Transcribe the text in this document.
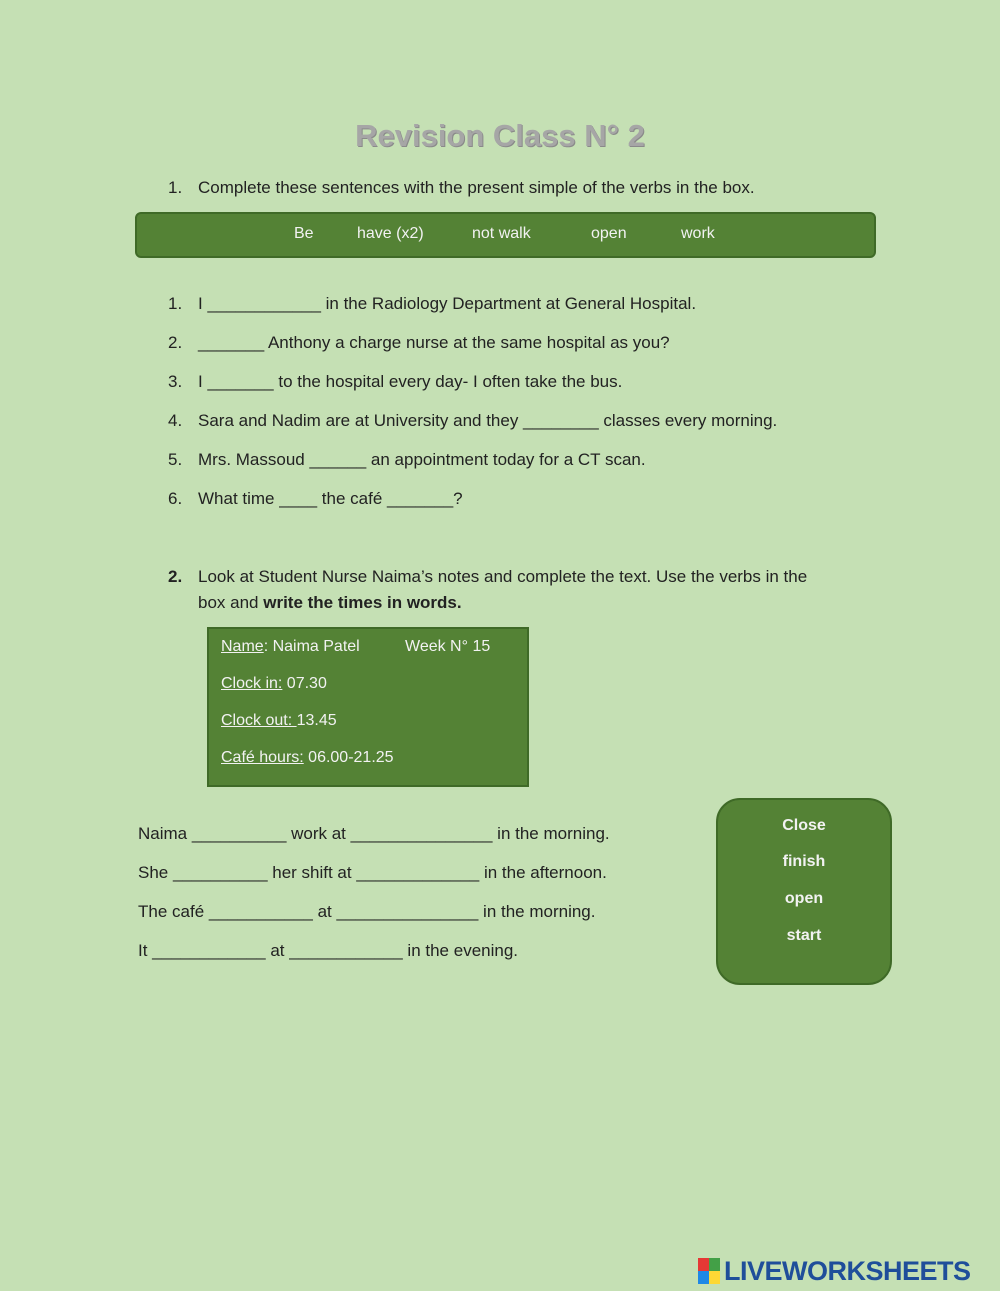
Revision Class N° 2
1. Complete these sentences with the present simple of the verbs in the box.
Be	have (x2)	not walk	open	work
1. I ____________ in the Radiology Department at General Hospital.
2. _______ Anthony a charge nurse at the same hospital as you?
3. I _______ to the hospital every day- I often take the bus.
4. Sara and Nadim are at University and they ________ classes every morning.
5. Mrs. Massoud ______ an appointment today for a CT scan.
6. What time ____ the café _______?
2. Look at Student Nurse Naima’s notes and complete the text. Use the verbs in the
box and write the times in words.
Name: Naima Patel	Week N° 15
Clock in: 07.30
Clock out: 13.45
Café hours: 06.00-21.25
Naima __________ work at _______________ in the morning.
She __________ her shift at _____________ in the afternoon.
The café ___________ at _______________ in the morning.
It ____________ at ____________ in the evening.
Close
finish
open
start
LIVEWORKSHEETS
